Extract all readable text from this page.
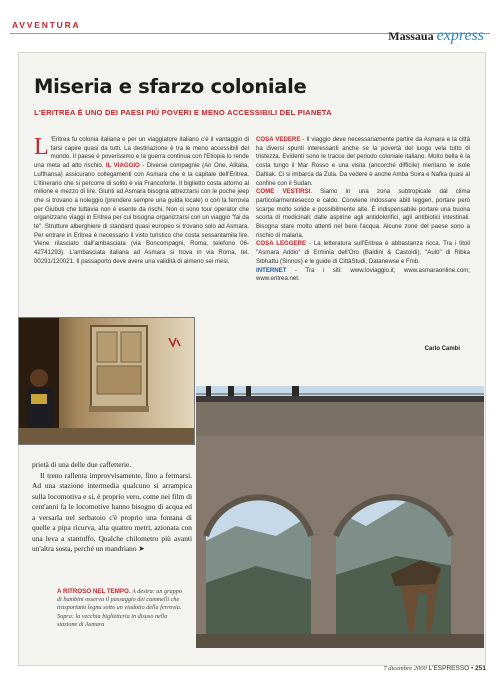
AVVENTURA
Massaua express
Miseria e sfarzo coloniale
L'ERITREA È UNO DEI PAESI PIÙ POVERI E MENO ACCESSIBILI DEL PIANETA

L 'Eritrea fu colonia italiana e per un viaggiatore italiano c'è il vantaggio di farsi capire quasi da tutti. La destinazione è tra le meno accessibili del mondo. Il paese è poverissimo e la guerra continua con l'Etiopia lo rende una meta ad alto rischio. IL VIAGGIO - Diverse compagnie (Air One, Alitalia, Lufthansa) assicurano collegamenti con Asmara che è la capitale dell'Eritrea. L'itinerario che si percorre di solito è via Francoforte. Il biglietto costa attorno al milione e mezzo di lire. Giunti ad Asmara bisogna attrezzarsi con le poche jeep che si trovano a noleggio (prendere sempre una guida locale) o con la ferrovia per Giubuti che tuttavia non è esente da rischi. Non ci sono tour operator che organizzano viaggi in Eritrea per cui bisogna organizzarsi con un viaggio "fai da te". Strutture alberghiere di standard quasi europeo si trovano solo ad Asmara. Per entrare in Eritrea è necessario il visto turistico che costa sessantamila lire. Viene rilasciato dall'ambasciata (via Boncompagni, Roma, telefono 06-42741293). L'ambasciata italiana ad Asmara si trova in via Roma, tel. 00291/120021. Il passaporto deve avere una validità di almeno sei mesi.

COSA VEDERE - Il viaggio deve necessariamente partire da Asmara e la città ha diversi spunti interessanti anche se la povertà del luogo vela tutto di tristezza. Evidenti sono le tracce del periodo coloniale italiano. Molto bella è la costa lungo il Mar Rosso e una visita (ancorché difficile) meritano le isole Dahlak. Ci si imbarca da Zula. Da vedere è anche Amba Soira e Nafka quasi al confine con il Sudan.

COME VESTIRSI. Siamo in una zona subtropicale dal clima particolarmentesecco e caldo. Conviene indossare abiti leggeri, portare però scarpe molto solide e possibilmente alte. È indispensabile portare una buona scorta di medicinali: dalle aspirine agli antidolorifici, agli antibiotici intestinali. Bisogna stare molto attenti nel bere l'acqua. Alcune zone del paese sono a rischio di malaria.

COSA LEGGERE - La letteratura sull'Eritrea è abbastanza ricca. Tra i titoli "Asmara Addio" di Erminia dell'Oro (Baldini & Castoldi), "Aulò" di Ribka Sibhattu (Sinnos) e le guide di CittàStudi, Datanewse e Fmb.

INTERNET - Tra i siti: www.loviaggio.it; www.asmaraonline.com; www.eritrea.net.

Carlo Cambi

prietà di una delle due caffetterie.

Il treno rallenta improvvisamente, fino a fermarsi. Ad una stazione intermedia qualcuno si arrampica sulla locomotiva e si, è proprio vero, come nei film di cent'anni fa le locomotive hanno bisogno di acqua ed a versarla nel serbatoio c'è proprio una fontana di quelle a pipa ricurva, alta quattro metri, azionata con una leva a stantuffo. Qualche chilometro più avanti un'altra sosta, perché un mandriano ➤

A RITROSO NEL TEMPO. A destra: un gruppo di bambini osserva il passaggio dei cammelli che trasportano legna sotto un viadotto della ferrovia. Sopra: la vecchia biglietteria in disuso nella stazione di Asmara
7 dicembre 2000 L'ESPRESSO • 251
